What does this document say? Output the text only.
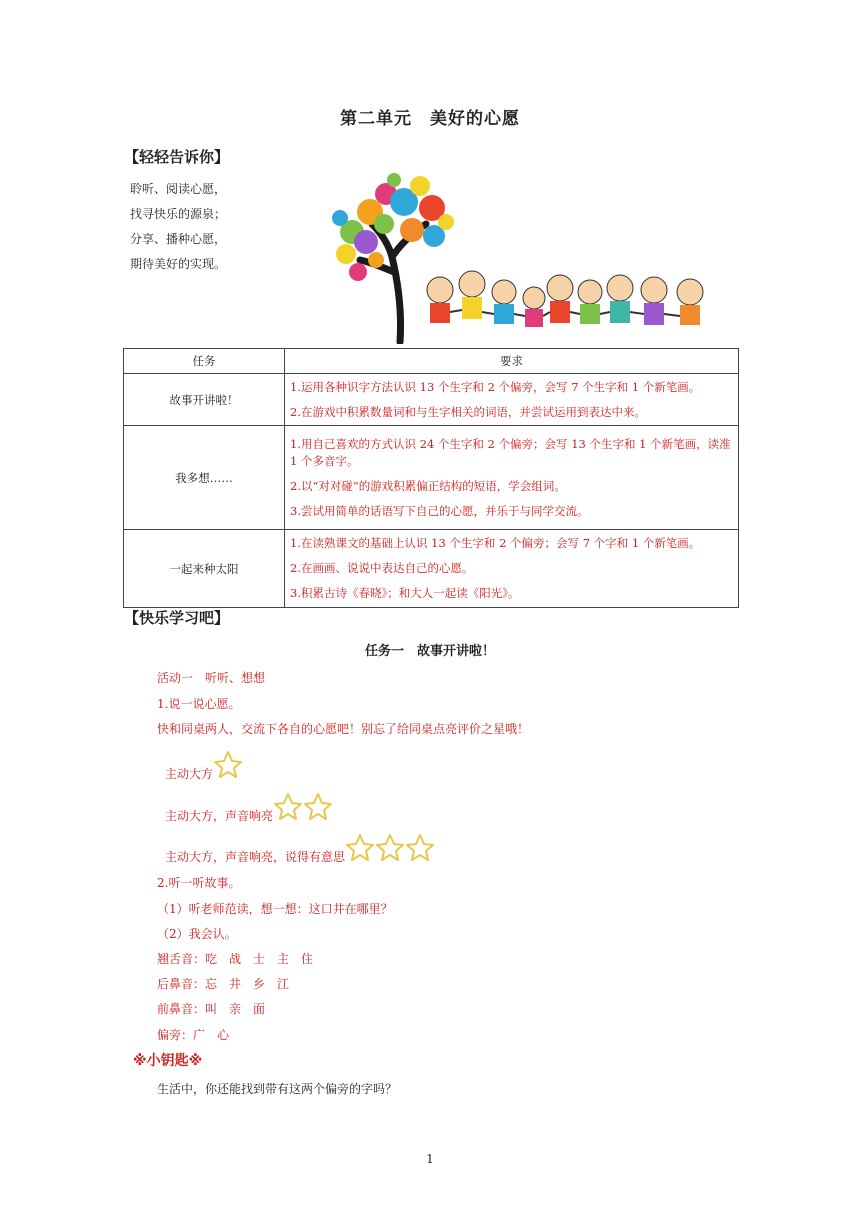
第二单元　美好的心愿
【轻轻告诉你】
聆听、阅读心愿，
找寻快乐的源泉；
分享、播种心愿，
期待美好的实现。
任务	要求
故事开讲啦！	1.运用各种识字方法认识 13 个生字和 2 个偏旁，会写 7 个生字和 1 个新笔画。
2.在游戏中积累数量词和与生字相关的词语，并尝试运用到表达中来。

我多想……	1.用自己喜欢的方式认识 24 个生字和 2 个偏旁；会写 13 个生字和 1 个新笔画，读准 1 个多音字。
2.以“对对碰”的游戏积累偏正结构的短语，学会组词。
3.尝试用简单的话语写下自己的心愿，并乐于与同学交流。

一起来种太阳	1.在读熟课文的基础上认识 13 个生字和 2 个偏旁；会写 7 个字和 1 个新笔画。
2.在画画、说说中表达自己的心愿。
3.积累古诗《春晓》；和大人一起读《阳光》。
【快乐学习吧】
任务一　故事开讲啦！
活动一　听听、想想
1.说一说心愿。
快和同桌两人，交流下各自的心愿吧！别忘了给同桌点亮评价之星哦！
主动大方
主动大方，声音响亮
主动大方，声音响亮，说得有意思
2.听一听故事。
（1）听老师范读，想一想：这口井在哪里？
（2）我会认。
翘舌音：吃　战　士　主　住
后鼻音：忘　井　乡　江
前鼻音：叫　亲　面
偏旁：广　心
※小钥匙※
生活中，你还能找到带有这两个偏旁的字吗？
1
